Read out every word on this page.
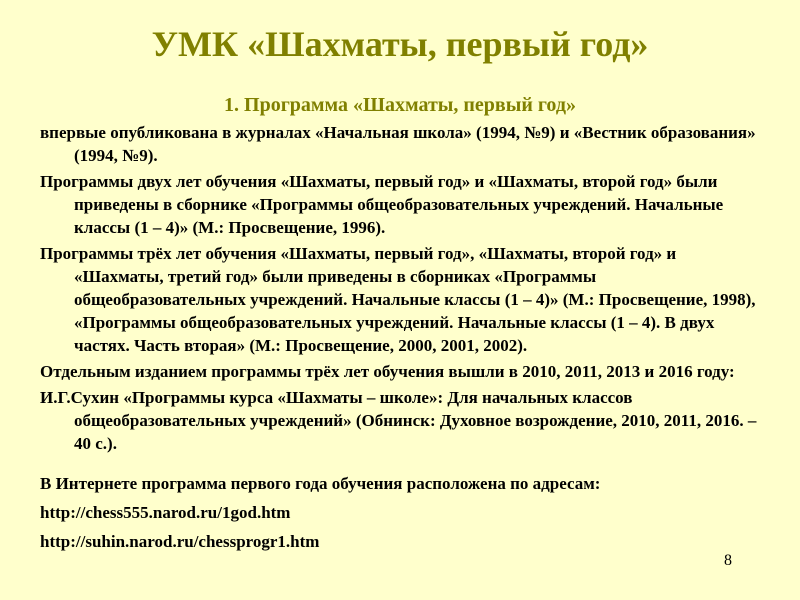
УМК «Шахматы, первый год»
1. Программа «Шахматы, первый год»

впервые опубликована в журналах «Начальная школа» (1994, №9) и «Вестник образования» (1994, №9).

Программы двух лет обучения «Шахматы, первый год» и «Шахматы, второй год» были приведены в сборнике «Программы общеобразовательных учреждений. Начальные классы (1 – 4)» (М.: Просвещение, 1996).

Программы трёх лет обучения «Шахматы, первый год», «Шахматы, второй год» и «Шахматы, третий год» были приведены в сборниках «Программы общеобразовательных учреждений. Начальные классы (1 – 4)» (М.: Просвещение, 1998), «Программы общеобразовательных учреждений. Начальные классы (1 – 4). В двух частях. Часть вторая» (М.: Просвещение, 2000, 2001, 2002).

Отдельным изданием программы трёх лет обучения вышли в 2010, 2011, 2013 и 2016 году:

И.Г.Сухин «Программы курса «Шахматы – школе»: Для начальных классов общеобразовательных учреждений» (Обнинск: Духовное возрождение, 2010, 2011, 2016. – 40 с.).

В Интернете программа первого года обучения расположена по адресам:

http://chess555.narod.ru/1god.htm

http://suhin.narod.ru/chessprogr1.htm

8
